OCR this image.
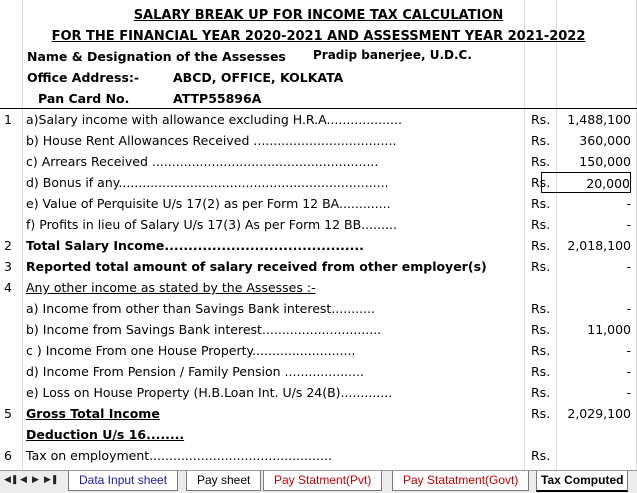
SALARY BREAK UP FOR INCOME TAX CALCULATION
FOR THE FINANCIAL YEAR 2020-2021 AND ASSESSMENT YEAR 2021-2022
Name & Designation of the Assesses Pradip banerjee, U.D.C.
Office Address:-	ABCD, OFFICE, KOLKATA
Pan Card No.	ATTP55896A
1	a)Salary income with allowance excluding H.R.A...................	Rs.	1,488,100
b) House Rent Allowances Received ....................................	Rs.	360,000
c) Arrears Received .........................................................	Rs.	150,000
d) Bonus if any....................................................................	Rs.	20,000
e) Value of Perquisite U/s 17(2) as per Form 12 BA.............	Rs.	-
f) Profits in lieu of Salary U/s 17(3) As per Form 12 BB.........	Rs.	-
2	Total Salary Income..........................................	Rs.	2,018,100
3	Reported total amount of salary received from other employer(s)	Rs.	-
4	Any other income as stated by the Assesses :-
a) Income from other than Savings Bank interest...........	Rs.	-
b) Income from Savings Bank interest..............................	Rs.	11,000
c ) Income From one House Property..........................	Rs.	-
d) Income From Pension / Family Pension ....................	Rs.	-
e) Loss on House Property (H.B.Loan Int. U/s 24(B).............	Rs.	-
5	Gross Total Income	Rs.	2,029,100
Deduction U/s 16........
6	Tax on employment..............................................	Rs.
◀❚ ◀ ▶ ▶❚	Data Input sheet	Pay sheet	Pay Statment(Pvt)	Pay Statatment(Govt)	Tax Computed
